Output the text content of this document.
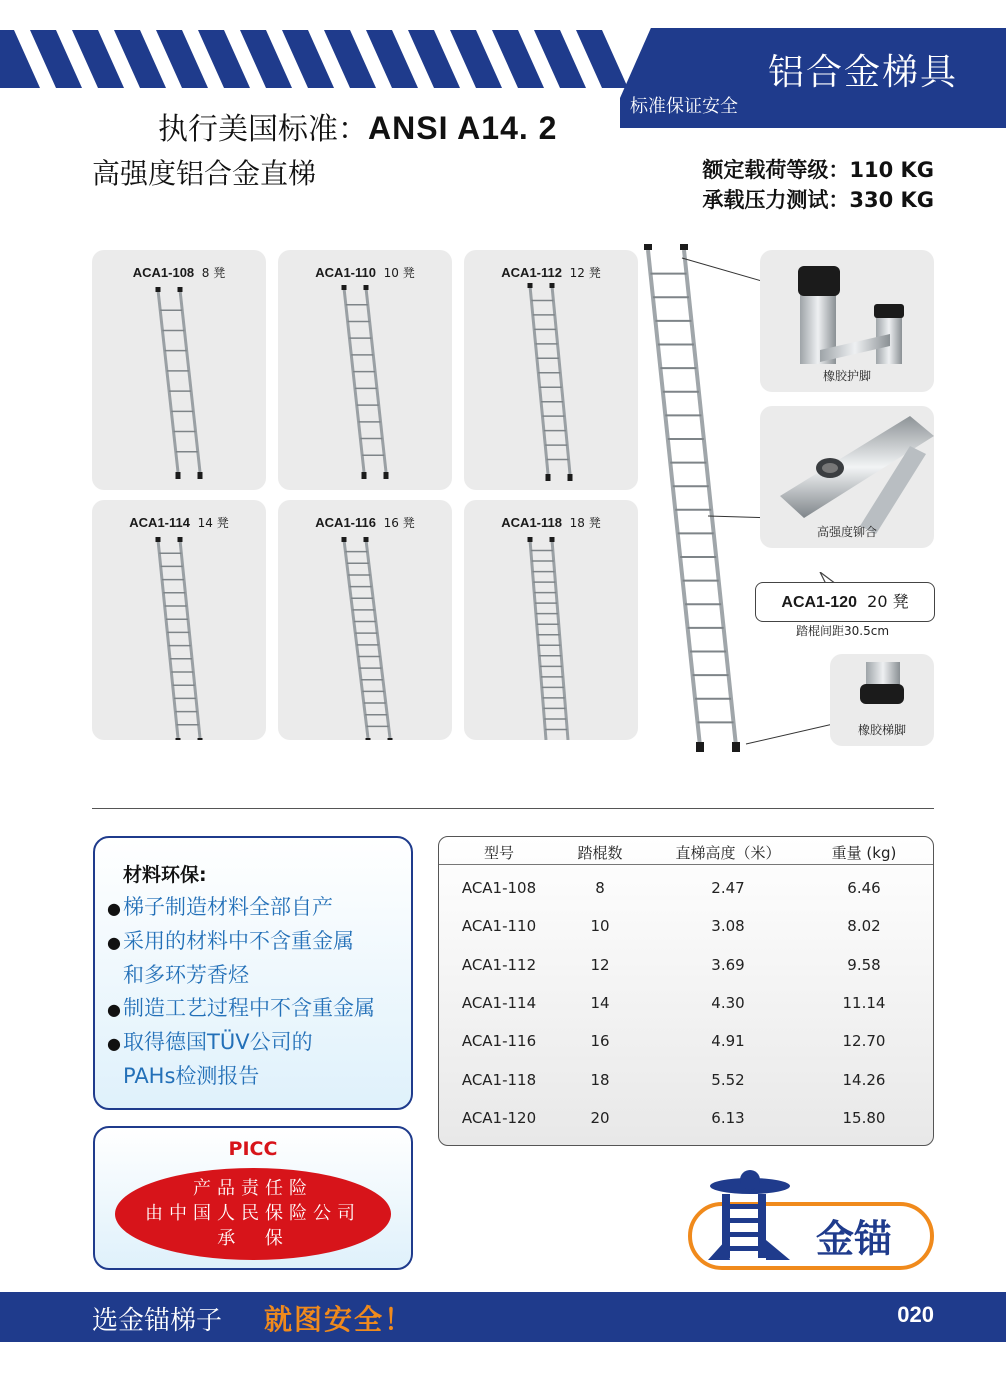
铝合金梯具
标准保证安全
执行美国标准：ANSI A14. 2
高强度铝合金直梯	额定载荷等级：110 KG
承载压力测试：330 KG
ACA1-108 8 凳	ACA1-110 10 凳	ACA1-112 12 凳
ACA1-114 14 凳	ACA1-116 16 凳	ACA1-118 18 凳
橡胶护脚
高强度铆合
ACA1-120 20 凳
踏棍间距30.5cm
橡胶梯脚
材料环保:
●梯子制造材料全部自产
●采用的材料中不含重金属
和多环芳香烃
●制造工艺过程中不含重金属
●取得德国TÜV公司的
PAHs检测报告
PICC
产品责任险
由中国人民保险公司
承  保
型号	踏棍数	直梯高度（米）	重量 (kg)
ACA1-108	8	2.47	6.46
ACA1-110	10	3.08	8.02
ACA1-112	12	3.69	9.58
ACA1-114	14	4.30	11.14
ACA1-116	16	4.91	12.70
ACA1-118	18	5.52	14.26
ACA1-120	20	6.13	15.80
金锚
选金锚梯子 就图安全！	020
